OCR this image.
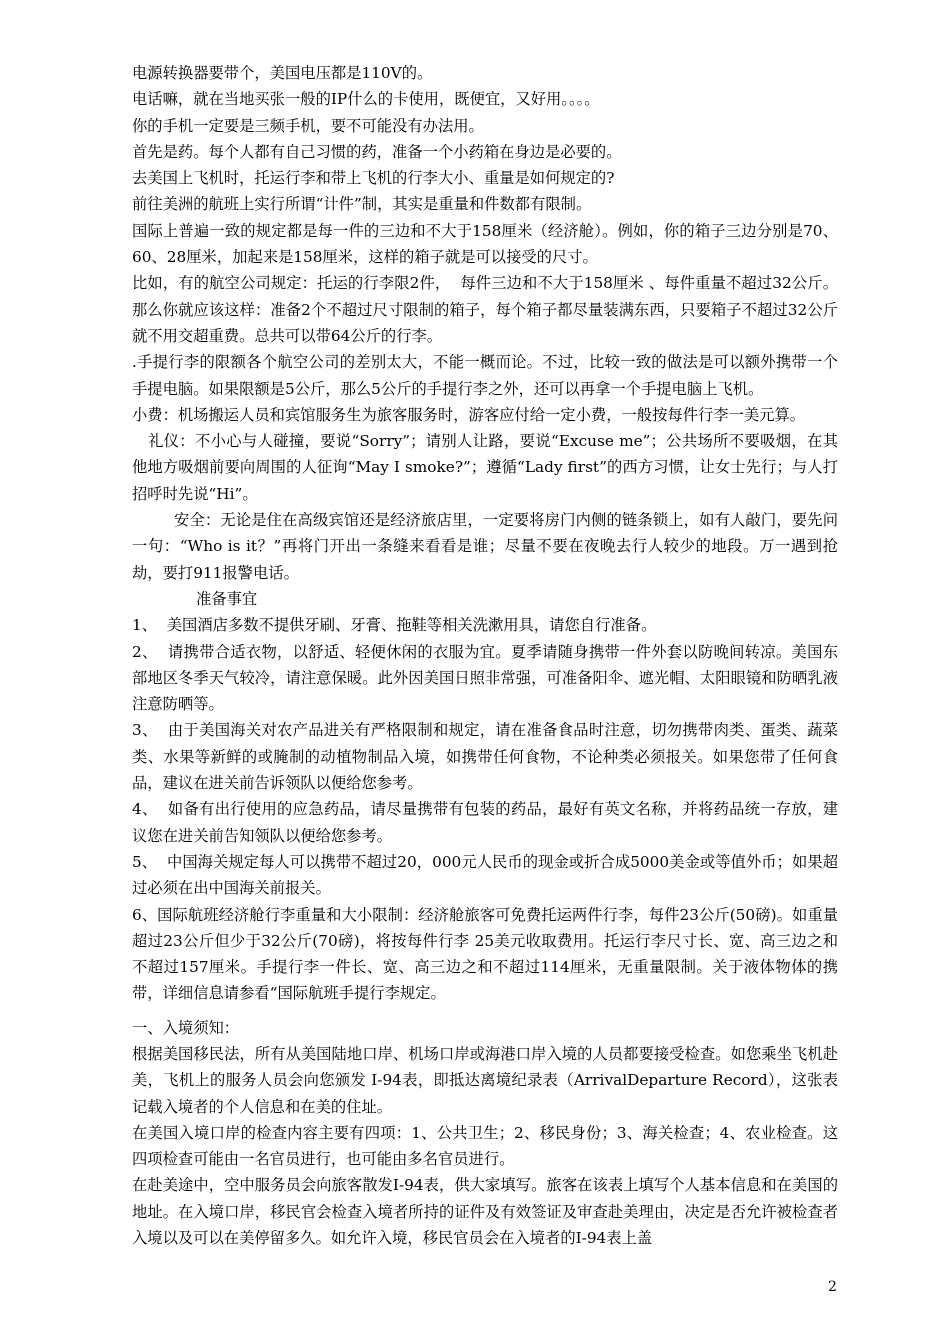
电源转换器要带个，美国电压都是110V的。

电话嘛，就在当地买张一般的IP什么的卡使用，既便宜，又好用。。。。

你的手机一定要是三频手机，要不可能没有办法用。

首先是药。每个人都有自己习惯的药，准备一个小药箱在身边是必要的。

去美国上飞机时，托运行李和带上飞机的行李大小、重量是如何规定的?

前往美洲的航班上实行所谓“计件”制，其实是重量和件数都有限制。

国际上普遍一致的规定都是每一件的三边和不大于158厘米（经济舱）。例如，你的箱子三边分别是70、60、28厘米，加起来是158厘米，这样的箱子就是可以接受的尺寸。

比如，有的航空公司规定：托运的行李限2件，  每件三边和不大于158厘米 、每件重量不超过32公斤。那么你就应该这样：准备2个不超过尺寸限制的箱子，每个箱子都尽量装满东西，只要箱子不超过32公斤就不用交超重费。总共可以带64公斤的行李。

.手提行李的限额各个航空公司的差别太大，不能一概而论。不过，比较一致的做法是可以额外携带一个手提电脑。如果限额是5公斤，那么5公斤的手提行李之外，还可以再拿一个手提电脑上飞机。

小费：机场搬运人员和宾馆服务生为旅客服务时，游客应付给一定小费，一般按每件行李一美元算。

礼仪：不小心与人碰撞，要说“Sorry”；请别人让路，要说“Excuse me”；公共场所不要吸烟，在其他地方吸烟前要向周围的人征询“May I smoke?”；遵循“Lady first”的西方习惯，让女士先行；与人打招呼时先说“Hi”。

安全：无论是住在高级宾馆还是经济旅店里，一定要将房门内侧的链条锁上，如有人敲门，要先问一句：“Who is it？”再将门开出一条缝来看看是谁；尽量不要在夜晚去行人较少的地段。万一遇到抢劫，要打911报警电话。

准备事宜

1、  美国酒店多数不提供牙刷、牙膏、拖鞋等相关洗漱用具，请您自行准备。

2、  请携带合适衣物，以舒适、轻便休闲的衣服为宜。夏季请随身携带一件外套以防晚间转凉。美国东部地区冬季天气较冷，请注意保暖。此外因美国日照非常强，可准备阳伞、遮光帽、太阳眼镜和防晒乳液注意防晒等。

3、  由于美国海关对农产品进关有严格限制和规定，请在准备食品时注意，切勿携带肉类、蛋类、蔬菜类、水果等新鲜的或腌制的动植物制品入境，如携带任何食物，不论种类必须报关。如果您带了任何食品，建议在进关前告诉领队以便给您参考。

4、  如备有出行使用的应急药品，请尽量携带有包装的药品，最好有英文名称，并将药品统一存放，建议您在进关前告知领队以便给您参考。

5、  中国海关规定每人可以携带不超过20，000元人民币的现金或折合成5000美金或等值外币；如果超过必须在出中国海关前报关。

6、国际航班经济舱行李重量和大小限制：经济舱旅客可免费托运两件行李，每件23公斤(50磅)。如重量超过23公斤但少于32公斤(70磅)，将按每件行李 25美元收取费用。托运行李尺寸长、宽、高三边之和不超过157厘米。手提行李一件长、宽、高三边之和不超过114厘米，无重量限制。关于液体物体的携带，详细信息请参看“国际航班手提行李规定。

一、入境须知：

根据美国移民法，所有从美国陆地口岸、机场口岸或海港口岸入境的人员都要接受检查。如您乘坐飞机赴美，飞机上的服务人员会向您颁发 I-94表，即抵达离境纪录表（ArrivalDeparture Record），这张表记载入境者的个人信息和在美的住址。

在美国入境口岸的检查内容主要有四项：1、公共卫生；2、移民身份；3、海关检查；4、农业检查。这四项检查可能由一名官员进行，也可能由多名官员进行。

在赴美途中，空中服务员会向旅客散发I-94表，供大家填写。旅客在该表上填写个人基本信息和在美国的地址。在入境口岸，移民官会检查入境者所持的证件及有效签证及审查赴美理由，决定是否允许被检查者入境以及可以在美停留多久。如允许入境，移民官员会在入境者的I-94表上盖

2
